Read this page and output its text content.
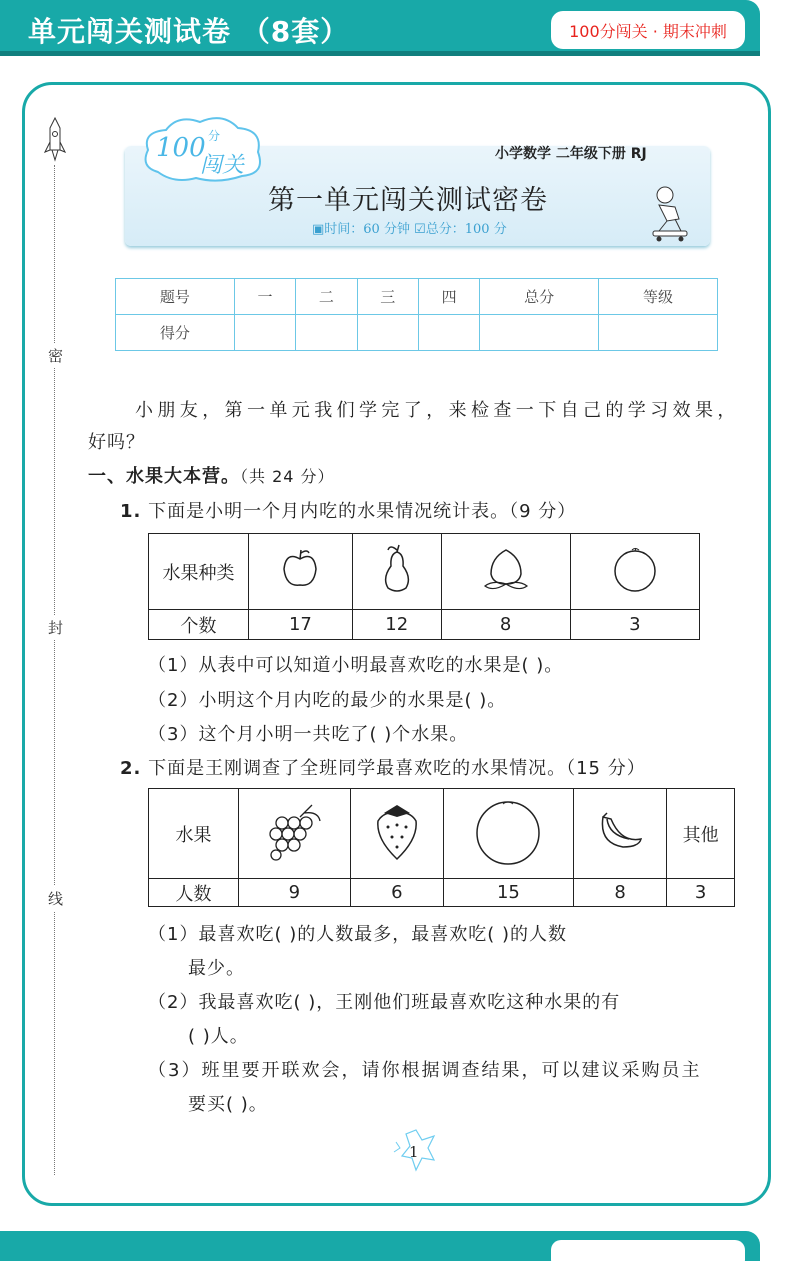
单元闯关测试卷 （8套）	100分闯关 · 期末冲刺
密
封
线
100 分
闯关	小学数学 二年级下册 RJ
第一单元闯关测试密卷
▣时间：60 分钟 ☑总分：100 分
题号	一	二	三	四	总分	等级
得分						
小朋友，第一单元我们学完了，来检查一下自己的学习效果，
好吗？
一、水果大本营。（共 24 分）
1. 下面是小明一个月内吃的水果情况统计表。（9 分）
水果种类				
个数	17	12	8	3
（1）从表中可以知道小明最喜欢吃的水果是( )。
（2）小明这个月内吃的最少的水果是( )。
（3）这个月小明一共吃了( )个水果。
2. 下面是王刚调查了全班同学最喜欢吃的水果情况。（15 分）
水果					其他
人数	9	6	15	8	3
（1）最喜欢吃( )的人数最多，最喜欢吃( )的人数
最少。
（2）我最喜欢吃( )，王刚他们班最喜欢吃这种水果的有
( )人。
（3）班里要开联欢会，请你根据调查结果，可以建议采购员主
要买( )。
1
